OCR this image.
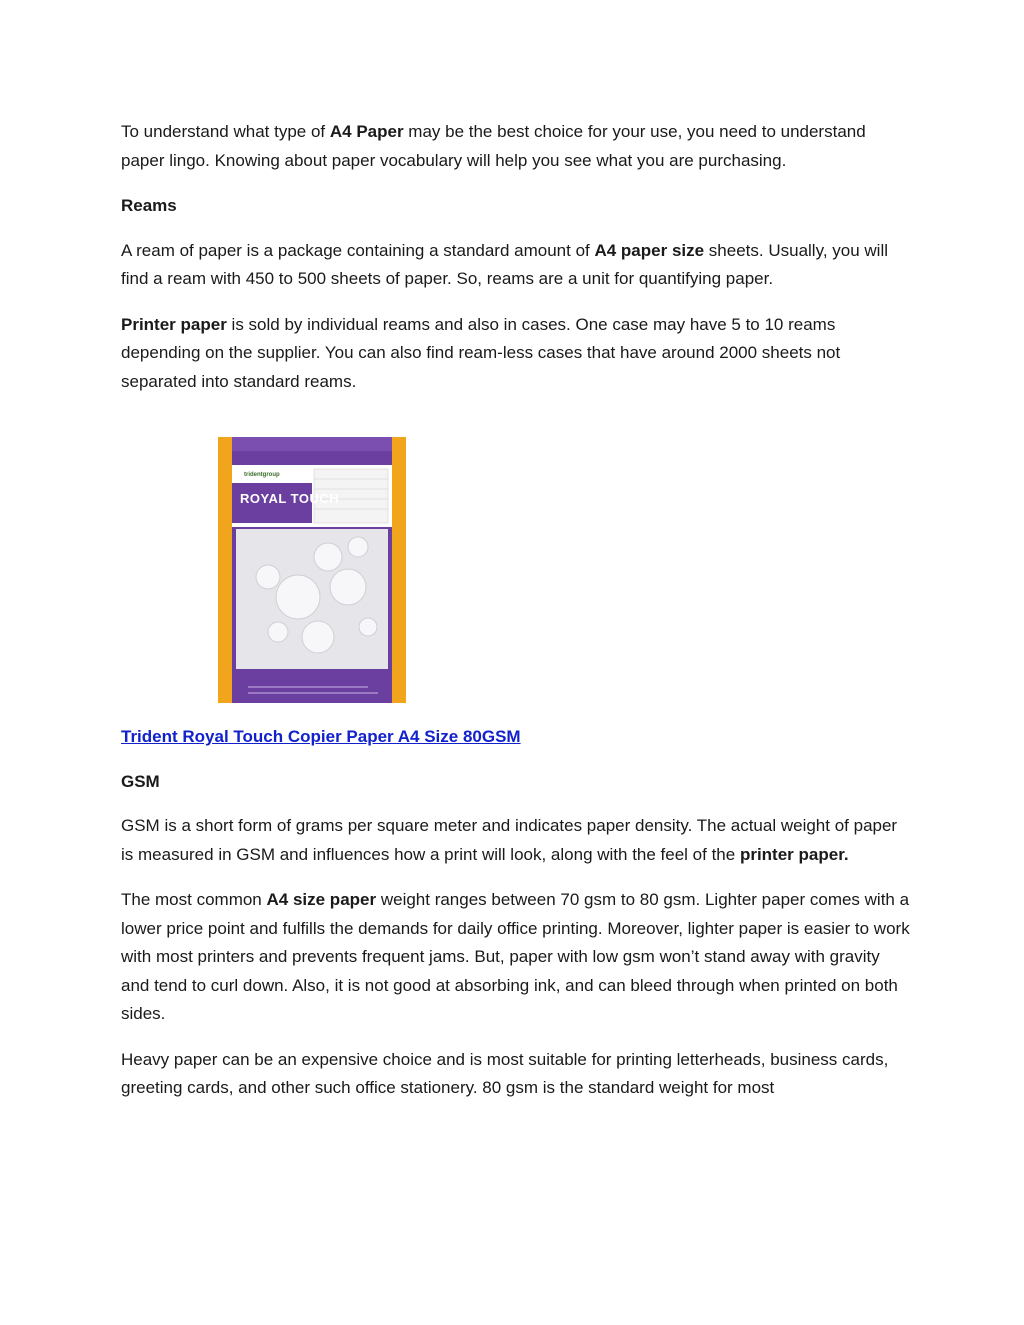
To understand what type of A4 Paper may be the best choice for your use, you need to understand paper lingo. Knowing about paper vocabulary will help you see what you are purchasing.

Reams

A ream of paper is a package containing a standard amount of A4 paper size sheets. Usually, you will find a ream with 450 to 500 sheets of paper. So, reams are a unit for quantifying paper.

Printer paper is sold by individual reams and also in cases. One case may have 5 to 10 reams depending on the supplier. You can also find ream-less cases that have around 2000 sheets not separated into standard reams.

tridentgroup
ROYAL TOUCH

Trident Royal Touch Copier Paper A4 Size 80GSM

GSM

GSM is a short form of grams per square meter and indicates paper density. The actual weight of paper is measured in GSM and influences how a print will look, along with the feel of the printer paper.

The most common A4 size paper weight ranges between 70 gsm to 80 gsm. Lighter paper comes with a lower price point and fulfills the demands for daily office printing. Moreover, lighter paper is easier to work with most printers and prevents frequent jams. But, paper with low gsm won’t stand away with gravity and tend to curl down. Also, it is not good at absorbing ink, and can bleed through when printed on both sides.

Heavy paper can be an expensive choice and is most suitable for printing letterheads, business cards, greeting cards, and other such office stationery. 80 gsm is the standard weight for most
